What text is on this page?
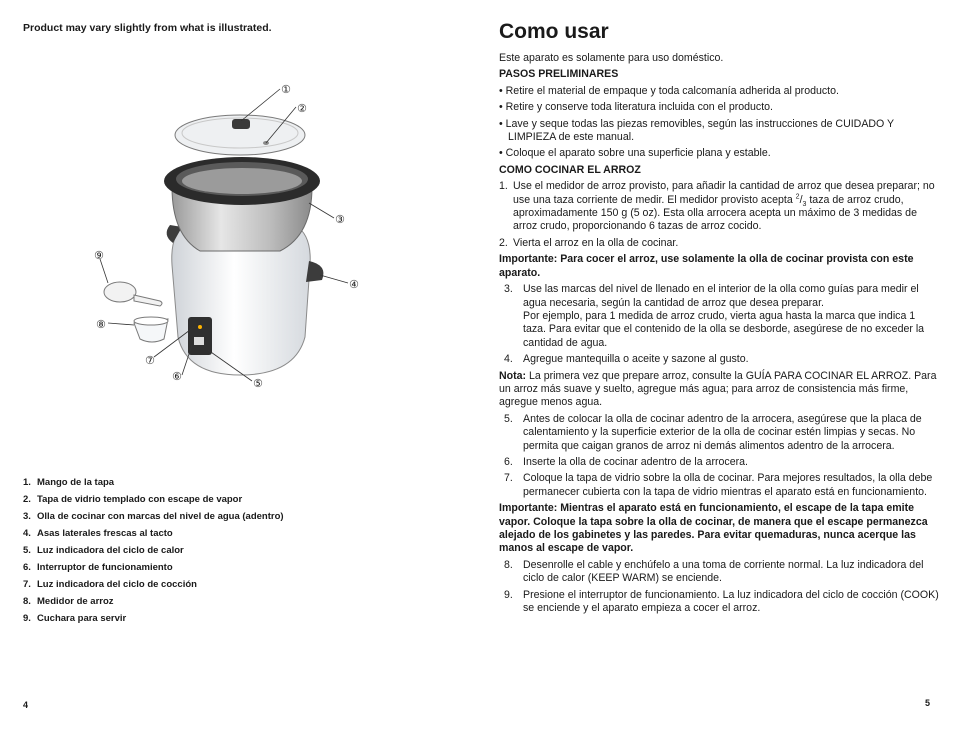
Product may vary slightly from what is illustrated.
①
②
③
④
⑤
⑥
⑦
⑧
⑨
1. Mango de la tapa
2. Tapa de vidrio templado con escape de vapor
3. Olla de cocinar con marcas del nivel de agua (adentro)
4. Asas laterales frescas al tacto
5. Luz indicadora del ciclo de calor
6. Interruptor de funcionamiento
7. Luz indicadora del ciclo de cocción
8. Medidor de arroz
9. Cuchara para servir
4
Como usar

Este aparato es solamente para uso doméstico.

PASOS PRELIMINARES

• Retire el material de empaque y toda calcomanía adherida al producto.

• Retire y conserve toda literatura incluida con el producto.

• Lave y seque todas las piezas removibles, según las instrucciones de CUIDADO Y LIMPIEZA de este manual.

• Coloque el aparato sobre una superficie plana y estable.

COMO COCINAR EL ARROZ

1. Use el medidor de arroz provisto, para añadir la cantidad de arroz que desea preparar; no use una taza corriente de medir. El medidor provisto acepta $^2/_3$ taza de arroz crudo, aproximadamente 150 g (5 oz). Esta olla arrocera acepta un máximo de 3 medidas de arroz crudo, proporcionando 6 tazas de arroz cocido.
2. Vierta el arroz en la olla de cocinar.

Importante: Para cocer el arroz, use solamente la olla de cocinar provista con este aparato.

3. Use las marcas del nivel de llenado en el interior de la olla como guías para medir el agua necesaria, según la cantidad de arroz que desea preparar.
Por ejemplo, para 1 medida de arroz crudo, vierta agua hasta la marca que indica 1 taza. Para evitar que el contenido de la olla se desborde, asegúrese de no exceder la cantidad de agua.
4. Agregue mantequilla o aceite y sazone al gusto.

Nota: La primera vez que prepare arroz, consulte la GUÍA PARA COCINAR EL ARROZ. Para un arroz más suave y suelto, agregue más agua; para arroz de consistencia más firme, agregue menos agua.

5. Antes de colocar la olla de cocinar adentro de la arrocera, asegúrese que la placa de calentamiento y la superficie exterior de la olla de cocinar estén limpias y secas. No permita que caigan granos de arroz ni demás alimentos adentro de la arrocera.
6. Inserte la olla de cocinar adentro de la arrocera.
7. Coloque la tapa de vidrio sobre la olla de cocinar. Para mejores resultados, la olla debe permanecer cubierta con la tapa de vidrio mientras el aparato está en funcionamiento.

Importante: Mientras el aparato está en funcionamiento, el escape de la tapa emite vapor. Coloque la tapa sobre la olla de cocinar, de manera que el escape permanezca alejado de los gabinetes y las paredes. Para evitar quemaduras, nunca acerque las manos al escape de vapor.

8. Desenrolle el cable y enchúfelo a una toma de corriente normal. La luz indicadora del ciclo de calor (KEEP WARM) se enciende.
9. Presione el interruptor de funcionamiento. La luz indicadora del ciclo de cocción (COOK) se enciende y el aparato empieza a cocer el arroz.
5
